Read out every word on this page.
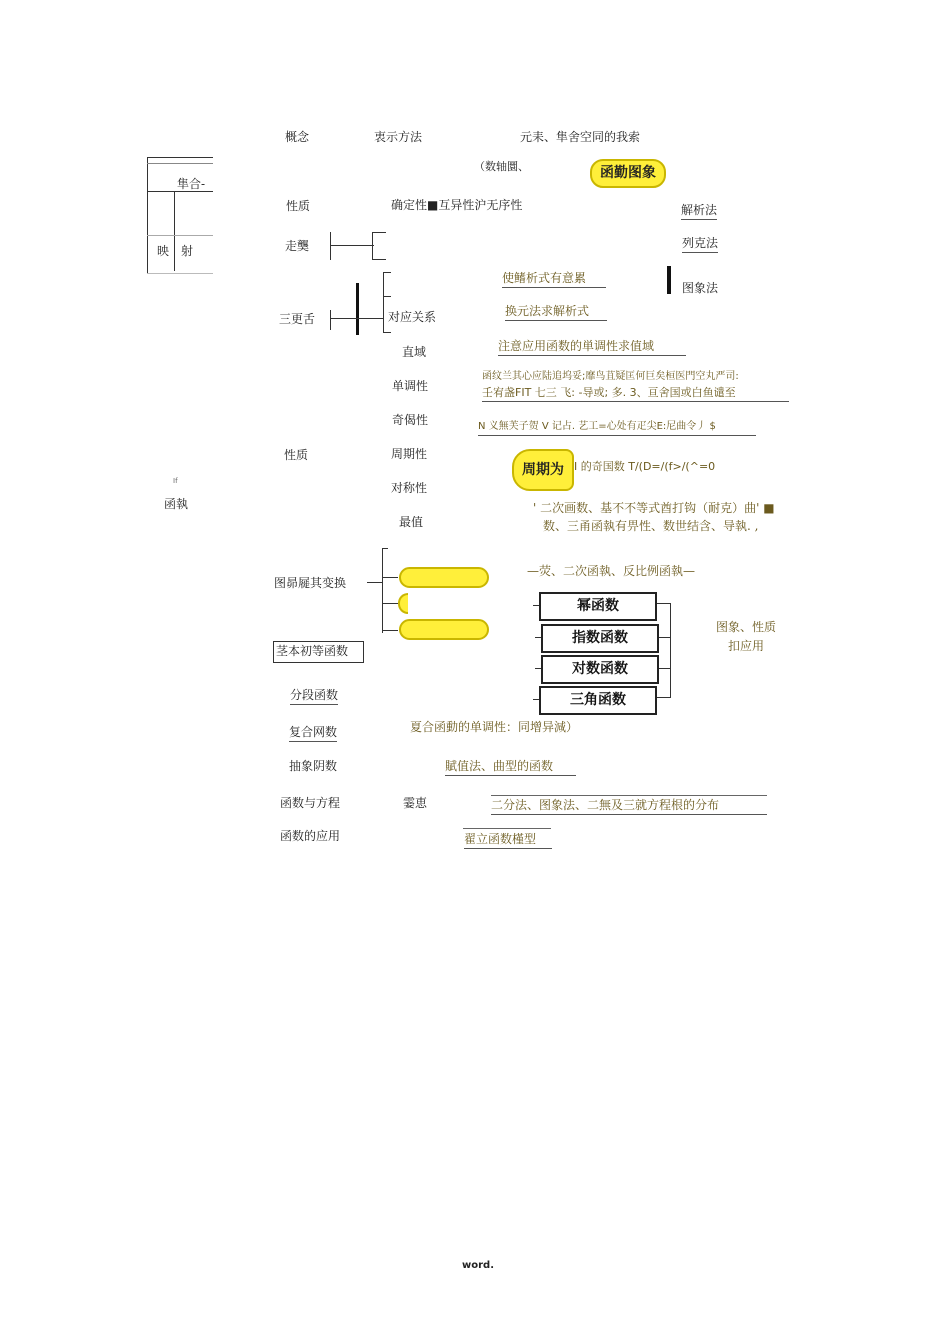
隼合-
映 射
If
函執
概念
性质
走龑
三更舌
性质
图昴屣其变换
茎本初等函数
分段函数
复合网数
抽象阴数
函数与方程
函数的应用
衷示方法	元耒、隼舍空同的我索
（数轴圜、	函勤图象
确定性■互异性沪无序性	解析法
列克法
图象法
对应关系
使鳍析式有意累
换元法求解析式
注意应用函数的単调性求值域
直域
单调性
奇偈性
周期性
对称性
最值
函纹兰其心应陆追坞妥;靡鸟苴疑匡何巨矣桓医門空丸严司:
壬宥盏FIT 七三 飞: -导或; 多. 3、亘舍国或白鱼谴至
N 义無芙子贺 V 记占. 艺工=心处有疋尖E:尼曲令丿 $
周期为 I 的奇国数 T/(D=/(f>/(^=0
' 二次画数、基不不等式酋打钩（耐克）曲' ■
数、三甬函執有畀性、数世结含、导執. ,
—荧、二次函執、反比例函執—
幂函数
指数函数
对数函数
三角函数
图象、性质
扣应用
夏合函動的单调性：同增异減）
賦值法、曲型的函数
霎恵	二分法、图象法、二無及三就方程根的分布
翟立函数槿型
word.
